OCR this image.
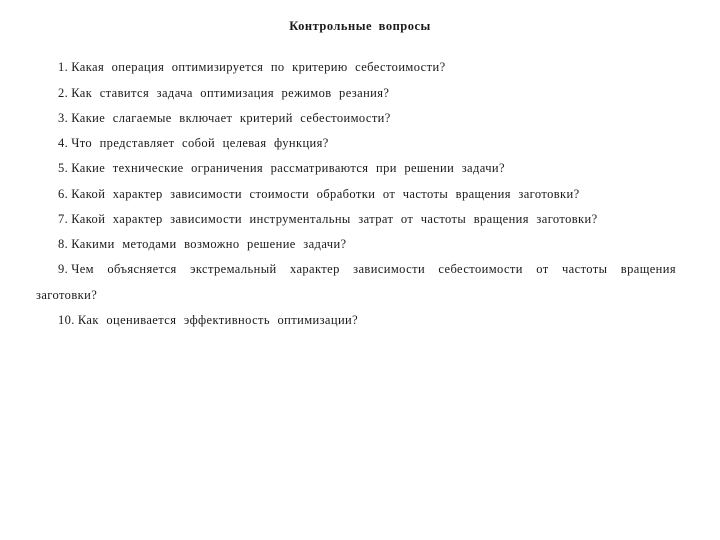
Контрольные вопросы
1. Какая операция оптимизируется по критерию себестоимости?
2. Как ставится задача оптимизация режимов резания?
3. Какие слагаемые включает критерий себестоимости?
4. Что представляет собой целевая функция?
5. Какие технические ограничения рассматриваются при решении задачи?
6. Какой характер зависимости стоимости обработки от частоты вращения заготовки?
7. Какой характер зависимости инструментальны затрат от частоты вращения заготовки?
8. Какими методами возможно решение задачи?
9. Чем объясняется экстремальный характер зависимости себестоимости от частоты вращения заготовки?
10. Как оценивается эффективность оптимизации?
